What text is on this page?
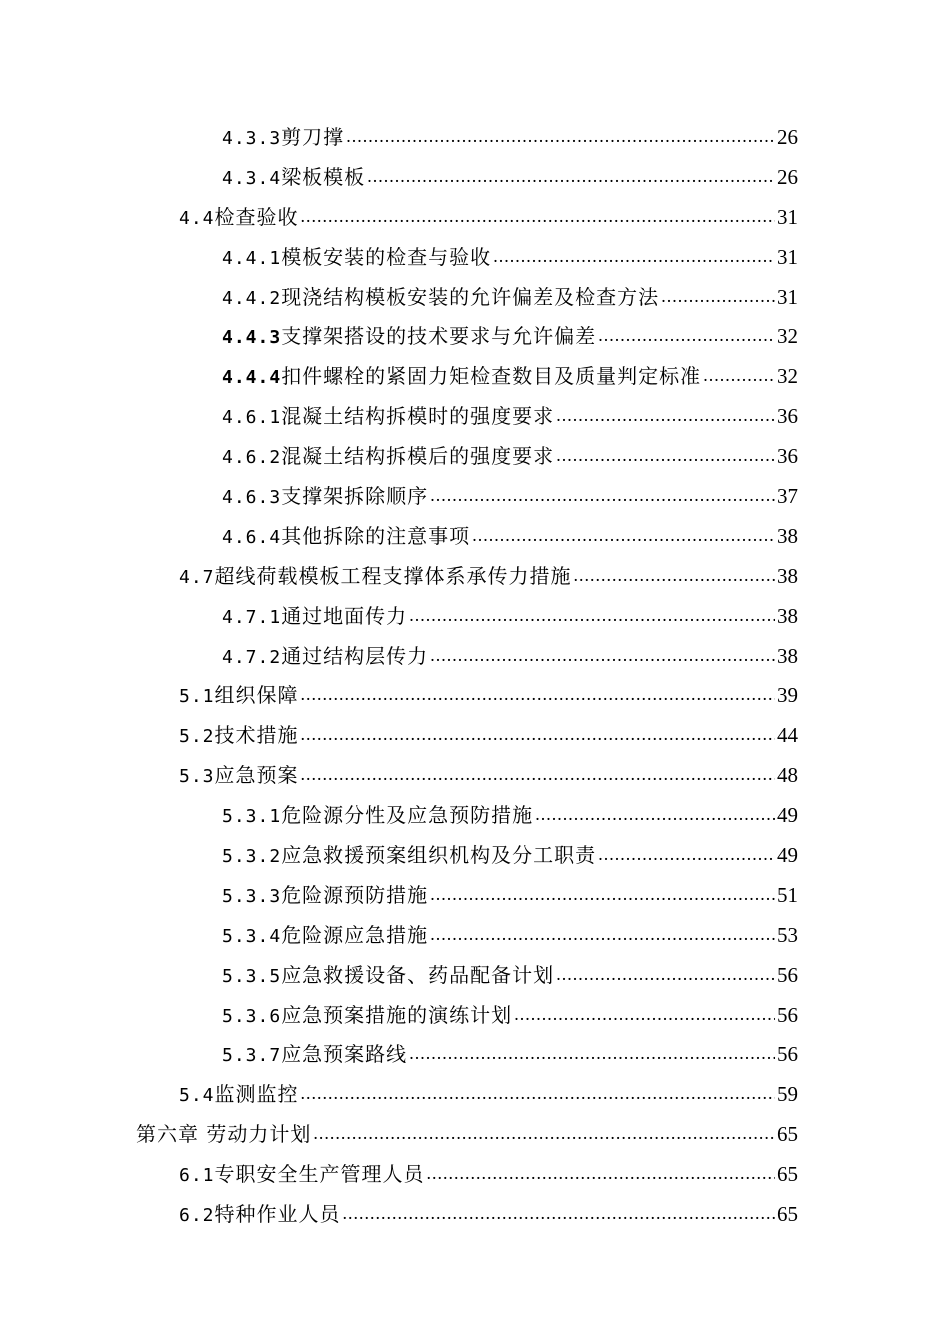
4.3.3 剪刀撑 .....	26
4.3.4 梁板模板 .....	26
4.4 检查验收 .....	31
4.4.1 模板安装的检查与验收 .....	31
4.4.2 现浇结构模板安装的允许偏差及检查方法 .....	31
4.4.3 支撑架搭设的技术要求与允许偏差 .....	32
4.4.4 扣件螺栓的紧固力矩检查数目及质量判定标准 .....	32
4.6.1 混凝土结构拆模时的强度要求 .....	36
4.6.2 混凝土结构拆模后的强度要求 .....	36
4.6.3 支撑架拆除顺序 .....	37
4.6.4 其他拆除的注意事项 .....	38
4.7 超线荷载模板工程支撑体系承传力措施 .....	38
4.7.1 通过地面传力 .....	38
4.7.2 通过结构层传力 .....	38
5.1 组织保障 .....	39
5.2 技术措施 .....	44
5.3 应急预案 .....	48
5.3.1 危险源分性及应急预防措施 .....	49
5.3.2 应急救援预案组织机构及分工职责 .....	49
5.3.3 危险源预防措施 .....	51
5.3.4 危险源应急措施 .....	53
5.3.5 应急救援设备、药品配备计划 .....	56
5.3.6 应急预案措施的演练计划 .....	56
5.3.7 应急预案路线 .....	56
5.4 监测监控 .....	59
第六章 劳动力计划 .....	65
6.1 专职安全生产管理人员 .....	65
6.2 特种作业人员 .....	65
